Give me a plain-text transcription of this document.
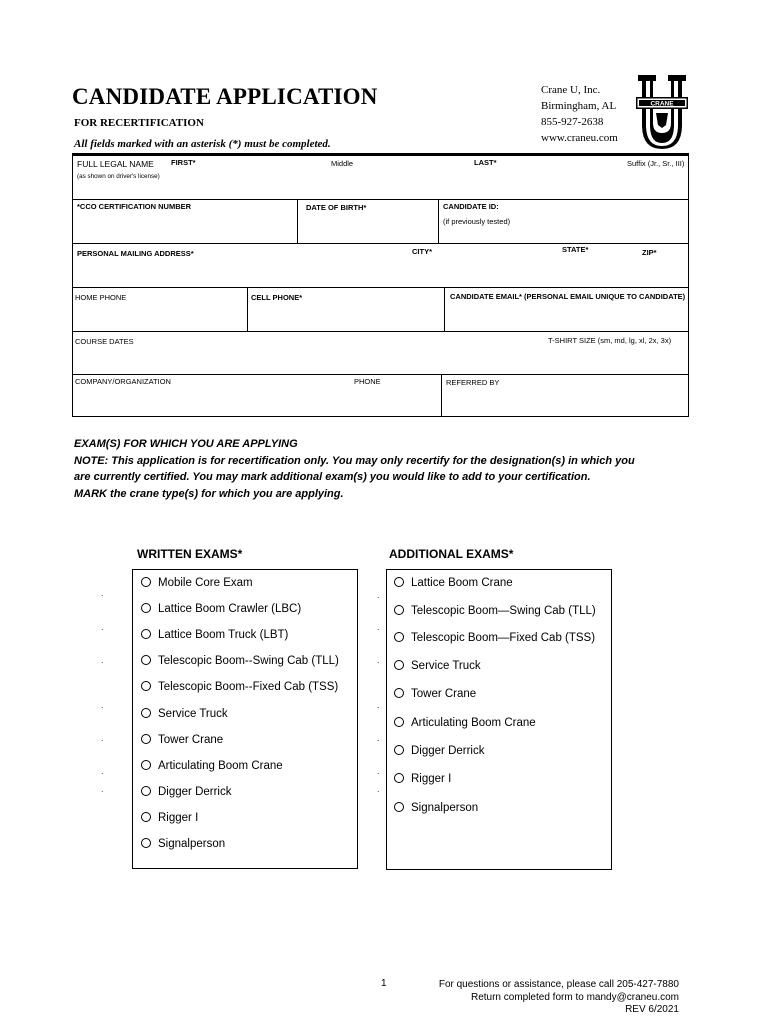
CANDIDATE APPLICATION
FOR RECERTIFICATION
All fields marked with an asterisk (*) must be completed.
Crane U, Inc.
Birmingham, AL
855-927-2638
www.craneu.com
CRANE
FULL LEGAL NAME FIRST*	Middle	LAST*	Suffix (Jr., Sr., III)
(as shown on driver's license)
*CCO CERTIFICATION NUMBER	DATE OF BIRTH*	CANDIDATE ID:
(if previously tested)
PERSONAL MAILING ADDRESS*	CITY*	STATE*	ZIP*
HOME PHONE	CELL PHONE*	CANDIDATE EMAIL* (PERSONAL EMAIL UNIQUE TO CANDIDATE)
COURSE DATES	T-SHIRT SIZE (sm, md, lg, xl, 2x, 3x)
COMPANY/ORGANIZATION	PHONE	REFERRED BY
EXAM(S) FOR WHICH YOU ARE APPLYING
NOTE: This application is for recertification only. You may only recertify for the designation(s) in which you
are currently certified. You may mark additional exam(s) you would like to add to your certification.
MARK the crane type(s) for which you are applying.
WRITTEN EXAMS*	ADDITIONAL EXAMS*
Mobile Core Exam
Lattice Boom Crawler (LBC)
Lattice Boom Truck (LBT)
Telescopic Boom--Swing Cab (TLL)
Telescopic Boom--Fixed Cab (TSS)
Service Truck
Tower Crane
Articulating Boom Crane
Digger Derrick
Rigger I
Signalperson
Lattice Boom Crane
Telescopic Boom—Swing Cab (TLL)
Telescopic Boom—Fixed Cab (TSS)
Service Truck
Tower Crane
Articulating Boom Crane
Digger Derrick
Rigger I
Signalperson
.
.
.
.
.
.
.
.
.
.
.
.
.
.
1	For questions or assistance, please call 205-427-7880
Return completed form to mandy@craneu.com
REV 6/2021
